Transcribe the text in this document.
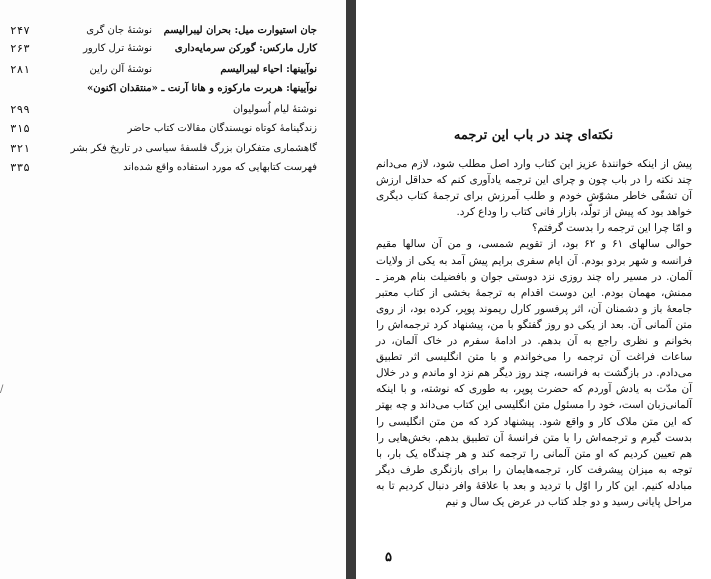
جان استیوارت میل: بحران لیبرالیسم
نوشتۀ جان گری
۲۴۷
کارل مارکس: گورکن سرمایه‌داری
نوشتۀ ترل کارور
۲۶۳
نوآیینها: احیاء لیبرالیسم
نوشتۀ آلن راین
۲۸۱
نوآیینها: هربرت مارکوزه و هانا آرنت ـ «منتقدان اکنون»
نوشتۀ لیام اُسولیوان
۲۹۹
زندگینامۀ کوتاه نویسندگان مقالات کتاب حاضر
۳۱۵
گاهشماری متفکران بزرگ فلسفۀ سیاسی در تاریخ فکر بشر
۳۲۱
فهرست کتابهایی که مورد استفاده واقع شده‌اند
۳۳۵
/
نکته‌ای چند در باب این ترجمه

پیش از اینکه خوانندۀ عزیز این کتاب وارد اصل مطلب شود، لازم می‌دانم چند نکته را در باب چون و چرای این ترجمه یادآوری کنم که حداقل ارزش آن تشفّی خاطر مشوّش خودم و طلب آمرزش برای ترجمۀ کتاب دیگری خواهد بود که پیش از تولّد، بازار فانی کتاب را وداع کرد.

و امّا چرا این ترجمه را بدست گرفتم؟

حوالی سالهای ۶۱ و ۶۲ بود، از تقویم شمسی، و من آن سالها مقیم فرانسه و شهر بردو بودم. آن ایام سفری برایم پیش آمد به یکی از ولایات آلمان. در مسیر راه چند روزی نزد دوستی جوان و بافضیلت بنام هرمز ـ ممنش، مهمان بودم. این دوست اقدام به ترجمۀ بخشی از کتاب معتبر جامعۀ باز و دشمنان آن، اثر پرفسور کارل ریموند پوپر، کرده بود، از روی متن آلمانی آن. بعد از یکی دو روز گفتگو با من، پیشنهاد کرد ترجمه‌اش را بخوانم و نظری راجع به آن بدهم. در ادامۀ سفرم در خاک آلمان، در ساعات فراغت آن ترجمه را می‌خواندم و با متن انگلیسی اثر تطبیق می‌دادم. در بازگشت به فرانسه، چند روز دیگر هم نزد او ماندم و در خلال آن مدّت به یادش آوردم که حضرت پوپر، به طوری که نوشته، و با اینکه آلمانی‌زبان است، خود را مسئول متن انگلیسی این کتاب می‌داند و چه بهتر که این متن ملاک کار و واقع شود. پیشنهاد کرد که من متن انگلیسی را بدست گیرم و ترجمه‌اش را با متن فرانسۀ آن تطبیق بدهم. بخش‌هایی را هم تعیین کردیم که او متن آلمانی را ترجمه کند و هر چندگاه یک بار، با توجه به میزان پیشرفت کار، ترجمه‌هایمان را برای بازنگری طرف دیگر مبادله کنیم. این کار را اوّل با تردید و بعد با علاقۀ وافر دنبال کردیم تا به مراحل پایانی رسید و دو جلد کتاب در عرض یک سال و نیم

۵
